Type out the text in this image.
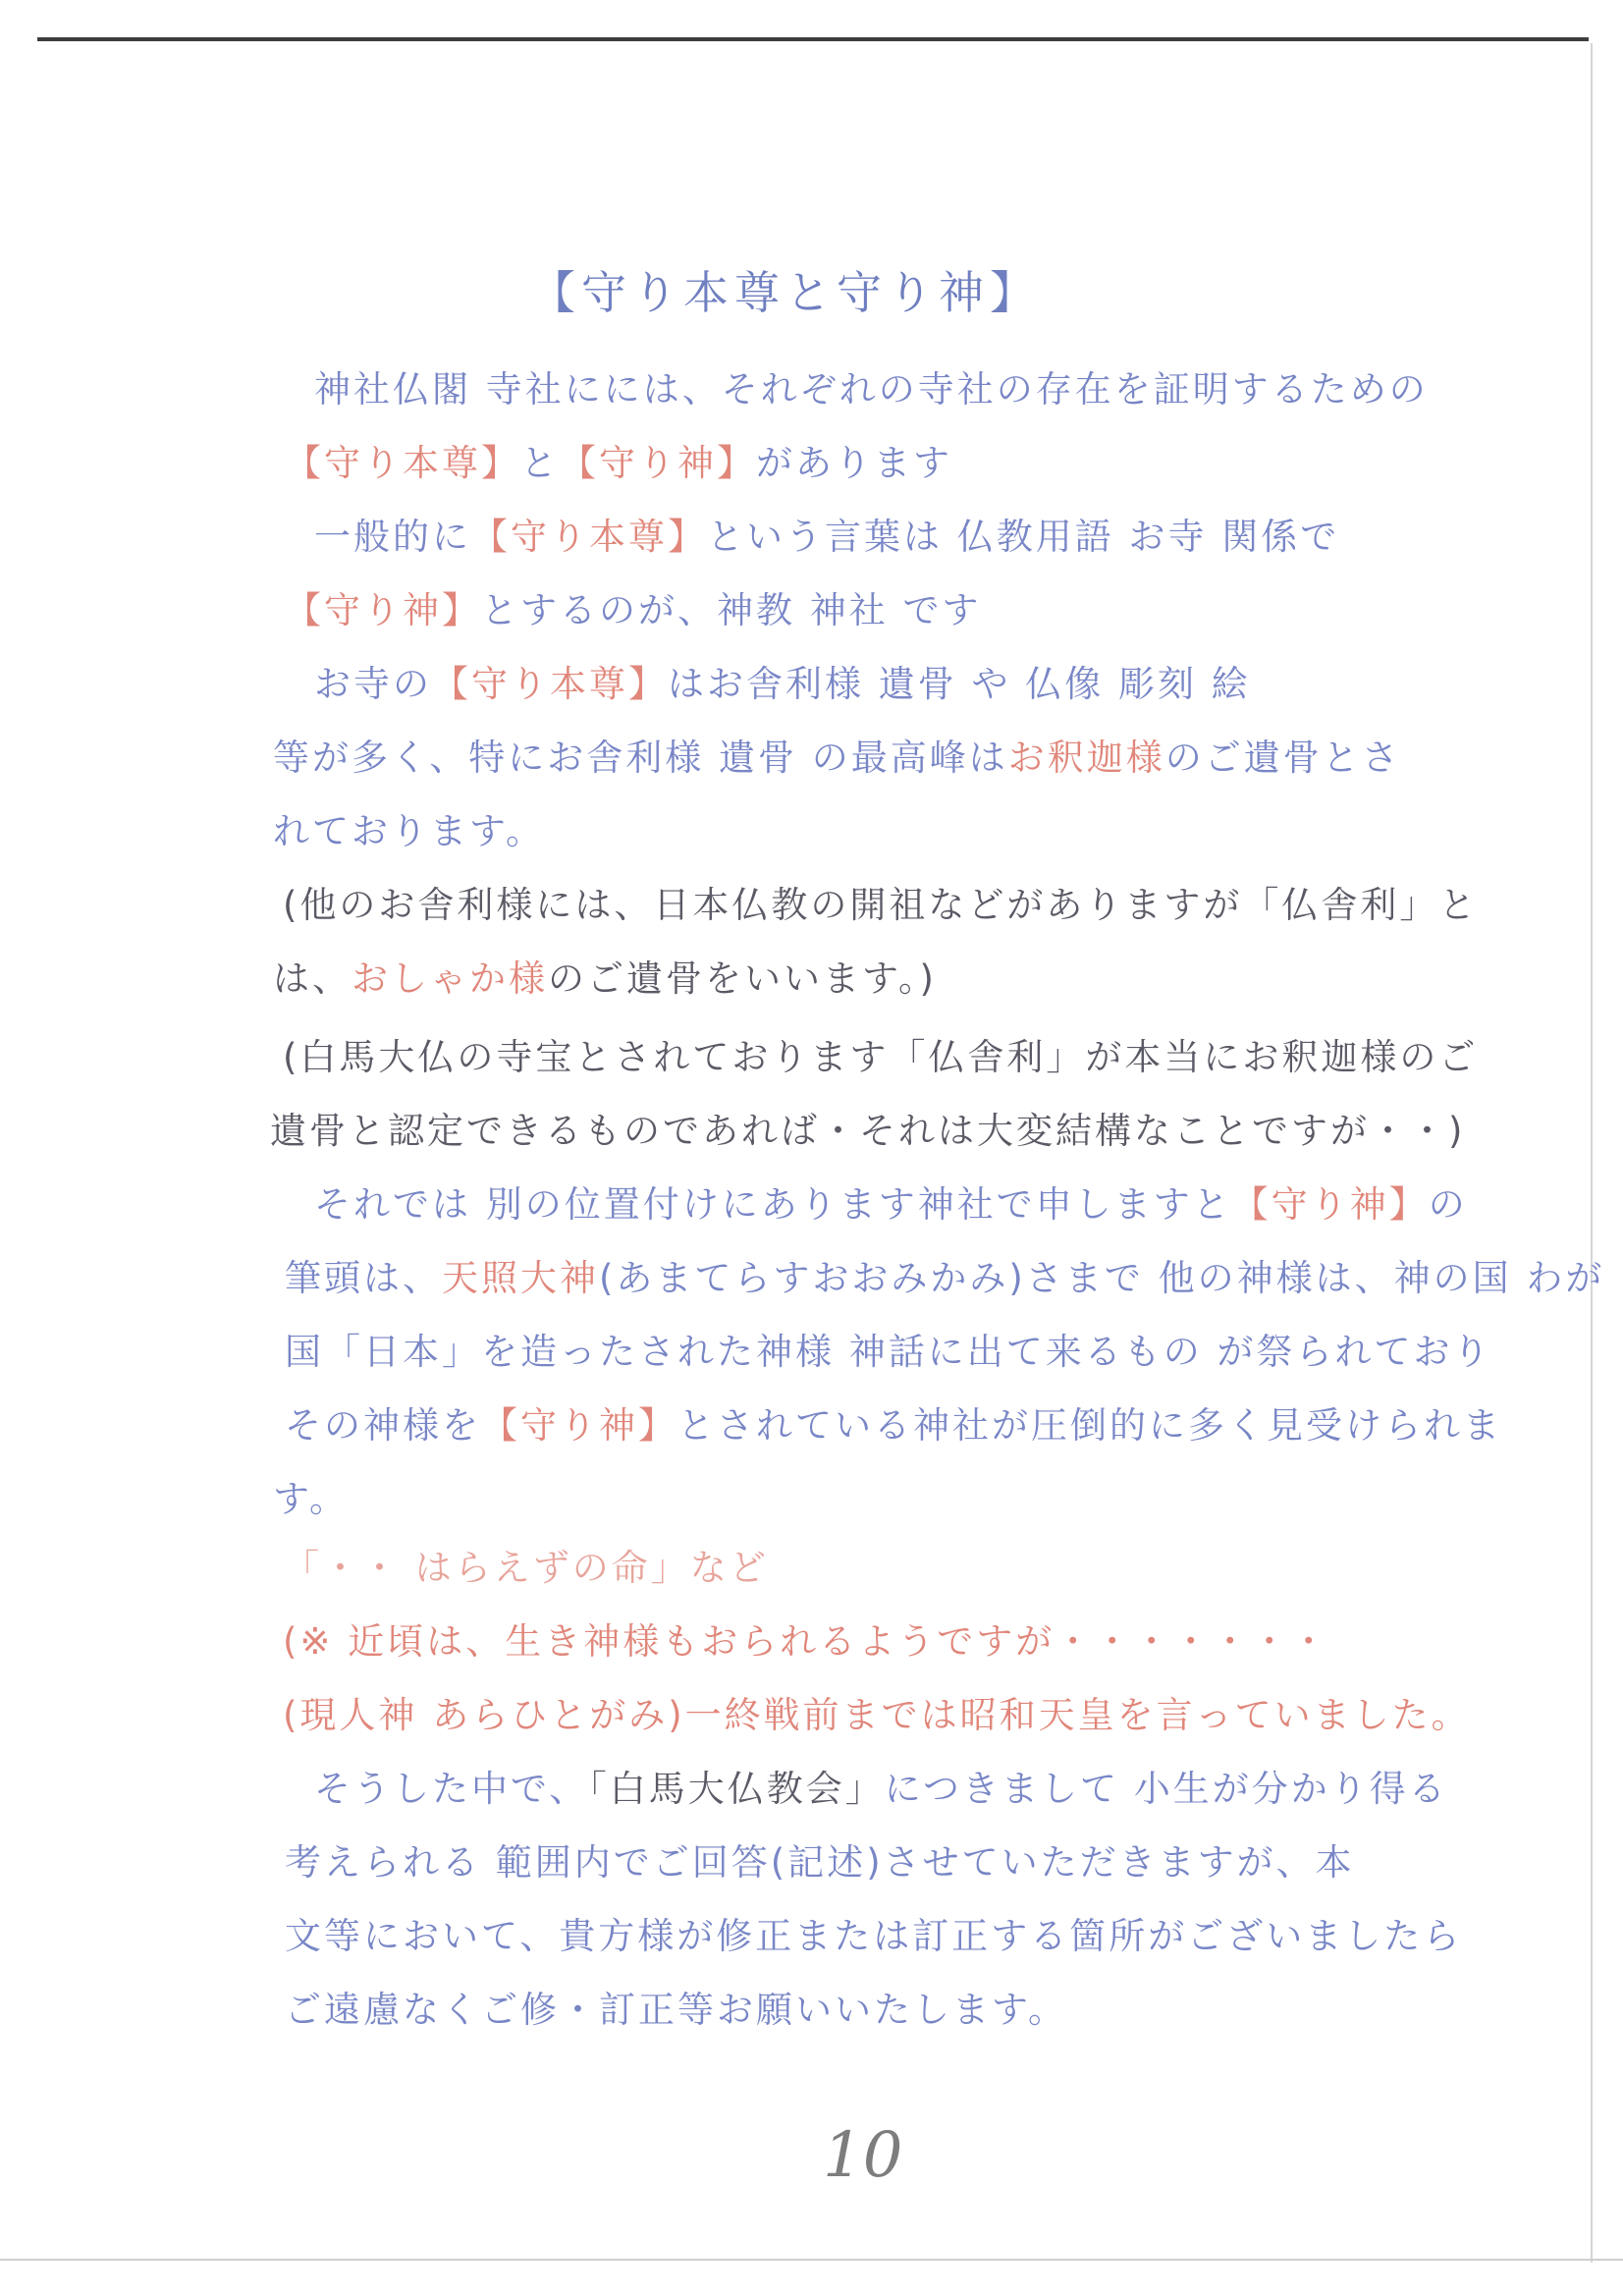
【守り本尊と守り神】
神社仏閣 寺社にには、それぞれの寺社の存在を証明するための
【守り本尊】と【守り神】があります
一般的に【守り本尊】という言葉は 仏教用語 お寺 関係で
【守り神】とするのが、神教 神社 です
お寺の【守り本尊】はお舎利様 遺骨 や 仏像 彫刻 絵
等が多く、特にお舎利様 遺骨 の最高峰はお釈迦様のご遺骨とさ
れております。
(他のお舎利様には、日本仏教の開祖などがありますが「仏舎利」と
は、おしゃか様のご遺骨をいいます。)
(白馬大仏の寺宝とされております「仏舎利」が本当にお釈迦様のご
遺骨と認定できるものであれば・それは大変結構なことですが・・)
それでは 別の位置付けにあります神社で申しますと【守り神】の
筆頭は、天照大神(あまてらすおおみかみ)さまで 他の神様は、神の国 わが
国「日本」を造ったされた神様 神話に出て来るもの が祭られており
その神様を【守り神】とされている神社が圧倒的に多く見受けられま
す。
「・・ はらえずの命」など
(※ 近頃は、生き神様もおられるようですが・・・・・・・
(現人神 あらひとがみ)一終戦前までは昭和天皇を言っていました。
そうした中で、「白馬大仏教会」につきまして 小生が分かり得る
考えられる 範囲内でご回答(記述)させていただきますが、本
文等において、貴方様が修正または訂正する箇所がございましたら
ご遠慮なくご修・訂正等お願いいたします。
10
